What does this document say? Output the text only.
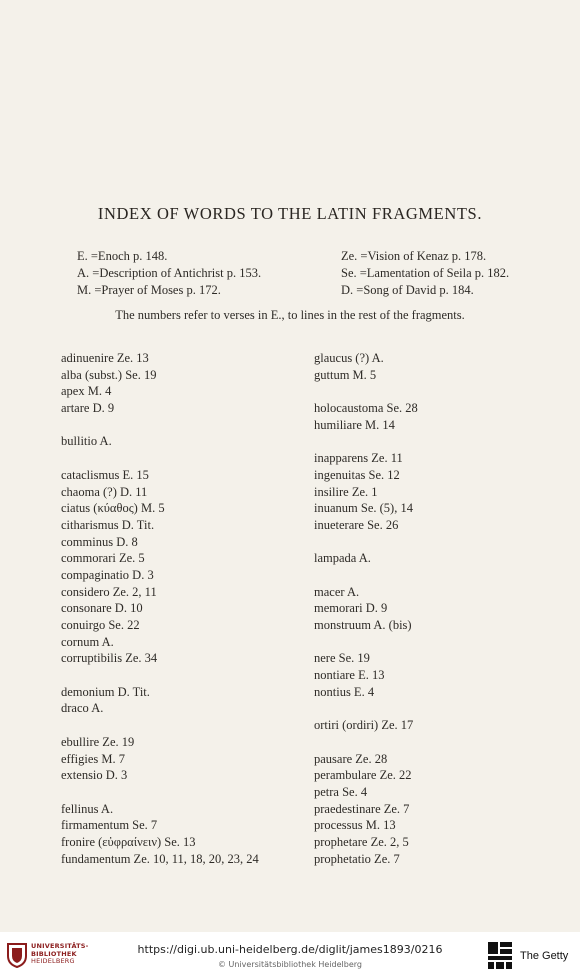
INDEX OF WORDS TO THE LATIN FRAGMENTS.
E. =Enoch p. 148.
A. =Description of Antichrist p. 153.
M. =Prayer of Moses p. 172.
Ze. =Vision of Kenaz p. 178.
Se. =Lamentation of Seila p. 182.
D. =Song of David p. 184.
The numbers refer to verses in E., to lines in the rest of the fragments.
adinuenire Ze. 13
alba (subst.) Se. 19
apex M. 4
artare D. 9
bullitio A.
cataclismus E. 15
chaoma (?) D. 11
ciatus (κύαθος) M. 5
citharismus D. Tit.
comminus D. 8
commorari Ze. 5
compaginatio D. 3
considero Ze. 2, 11
consonare D. 10
conuirgo Se. 22
cornum A.
corruptibilis Ze. 34
demonium D. Tit.
draco A.
ebullire Ze. 19
effigies M. 7
extensio D. 3
fellinus A.
firmamentum Se. 7
fronire (εὐφραίνειν) Se. 13
fundamentum Ze. 10, 11, 18, 20, 23, 24
glaucus (?) A.
guttum M. 5
holocaustoma Se. 28
humiliare M. 14
inapparens Ze. 11
ingenuitas Se. 12
insilire Ze. 1
inuanum Se. (5), 14
inueterare Se. 26
lampada A.
macer A.
memorari D. 9
monstruum A. (bis)
nere Se. 19
nontiare E. 13
nontius E. 4
ortiri (ordiri) Ze. 17
pausare Ze. 28
perambulare Ze. 22
petra Se. 4
praedestinare Ze. 7
processus M. 13
prophetare Ze. 2, 5
prophetatio Ze. 7
UNIVERSITÄTS-
BIBLIOTHEK
HEIDELBERG
https://digi.ub.uni-heidelberg.de/diglit/james1893/0216
© Universitätsbibliothek Heidelberg
The Getty
